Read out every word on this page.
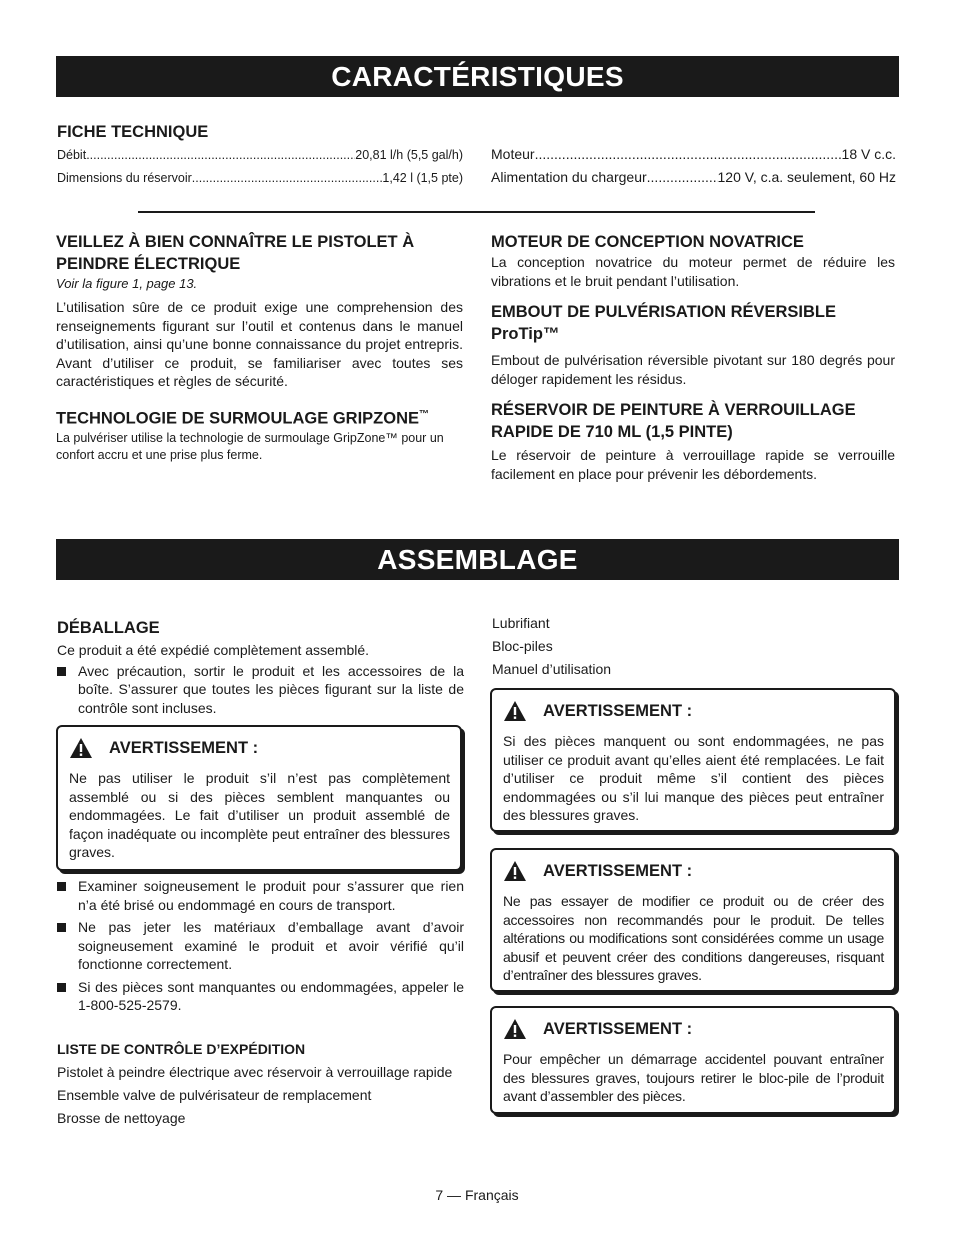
CARACTÉRISTIQUES

FICHE TECHNIQUE

Débit .....	20,81 l/h (5,5 gal/h)
Dimensions du réservoir .....	1,42 l (1,5 pte)
Moteur .....	18 V c.c.
Alimentation du chargeur .....	120 V, c.a. seulement, 60 Hz

VEILLEZ À BIEN CONNAÎTRE LE PISTOLET À PEINDRE ÉLECTRIQUE

Voir la figure 1, page 13.

L’utilisation sûre de ce produit exige une comprehension des renseignements figurant sur l’outil et contenus dans le manuel d’utilisation, ainsi qu’une bonne connaissance du projet entrepris. Avant d’utiliser ce produit, se familiariser avec toutes ses caractéristiques et règles de sécurité.

TECHNOLOGIE DE SURMOULAGE GRIPZONE™

La pulvériser utilise la technologie de surmoulage GripZone™ pour un confort accru et une prise plus ferme.

MOTEUR DE CONCEPTION NOVATRICE

La conception novatrice du moteur permet de réduire les vibrations et le bruit pendant l’utilisation.

EMBOUT DE PULVÉRISATION RÉVERSIBLE ProTip™

Embout de pulvérisation réversible pivotant sur 180 degrés pour déloger rapidement les résidus.

RÉSERVOIR DE PEINTURE À VERROUILLAGE RAPIDE DE 710 ML (1,5 PINTE)

Le réservoir de peinture à verrouillage rapide se verrouille facilement en place pour prévenir les débordements.

ASSEMBLAGE

DÉBALLAGE

Ce produit a été expédié complètement assemblé.

Avec précaution, sortir le produit et les accessoires de la boîte. S’assurer que toutes les pièces figurant sur la liste de contrôle sont incluses.
AVERTISSEMENT :

Ne pas utiliser le produit s’il n’est pas complètement assemblé ou si des pièces semblent manquantes ou endommagées. Le fait d’utiliser un produit assemblé de façon inadéquate ou incomplète peut entraîner des blessures graves.

Examiner soigneusement le produit pour s’assurer que rien n’a été brisé ou endommagé en cours de transport.
Ne pas jeter les matériaux d’emballage avant d’avoir soigneusement examiné le produit et avoir vérifié qu’il fonctionne correctement.
Si des pièces sont manquantes ou endommagées, appeler le 1-800-525-2579.

LISTE DE CONTRÔLE D’EXPÉDITION

Pistolet à peindre électrique avec réservoir à verrouillage rapide

Ensemble valve de pulvérisateur de remplacement

Brosse de nettoyage

Lubrifiant

Bloc-piles

Manuel d’utilisation

AVERTISSEMENT :

Si des pièces manquent ou sont endommagées, ne pas utiliser ce produit avant qu’elles aient été remplacées. Le fait d’utiliser ce produit même s’il contient des pièces endommagées ou s’il lui manque des pièces peut entraîner des blessures graves.

AVERTISSEMENT :

Ne pas essayer de modifier ce produit ou de créer des accessoires non recommandés pour le produit. De telles altérations ou modifications sont considérées comme un usage abusif et peuvent créer des conditions dangereuses, risquant d’entraîner des blessures graves.

AVERTISSEMENT :

Pour empêcher un démarrage accidentel pouvant entraîner des blessures graves, toujours retirer le bloc-pile de l’produit avant d’assembler des pièces.

7 — Français
